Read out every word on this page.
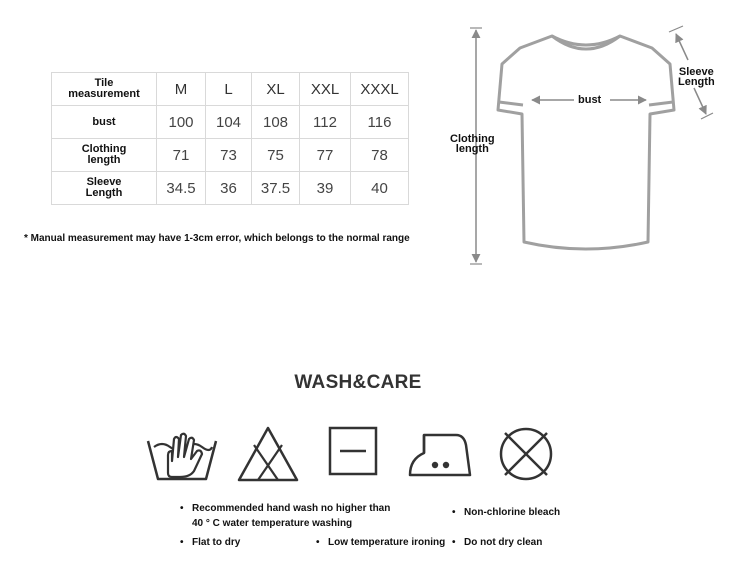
Tile
measurement	M	L	XL	XXL	XXXL
bust	100	104	108	112	116

Clothing
length	71	73	75	77	78

Sleeve
Length	34.5	36	37.5	39	40
* Manual measurement may have 1-3cm error, which belongs to the normal range
bust
Sleeve
Length
Clothing
length
WASH&CARE
• Recommended hand wash no higher than
40 ° C water temperature washing
• Non-chlorine bleach
• Flat to dry	• Low temperature ironing • Do not dry clean
